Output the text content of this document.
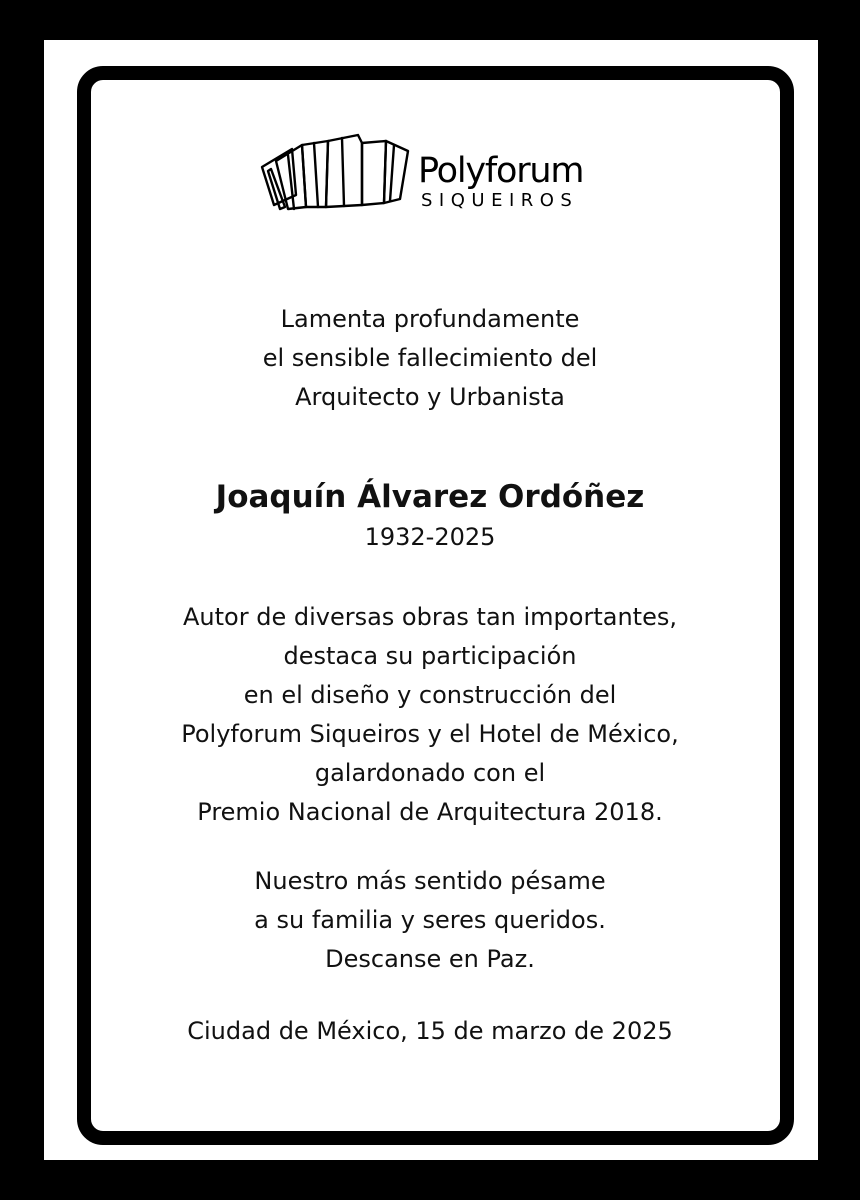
Polyforum
SIQUEIROS
Lamenta profundamente
el sensible fallecimiento del
Arquitecto y Urbanista
Joaquín Álvarez Ordóñez
1932-2025
Autor de diversas obras tan importantes,
destaca su participación
en el diseño y construcción del
Polyforum Siqueiros y el Hotel de México,
galardonado con el
Premio Nacional de Arquitectura 2018.
Nuestro más sentido pésame
a su familia y seres queridos.
Descanse en Paz.
Ciudad de México, 15 de marzo de 2025
